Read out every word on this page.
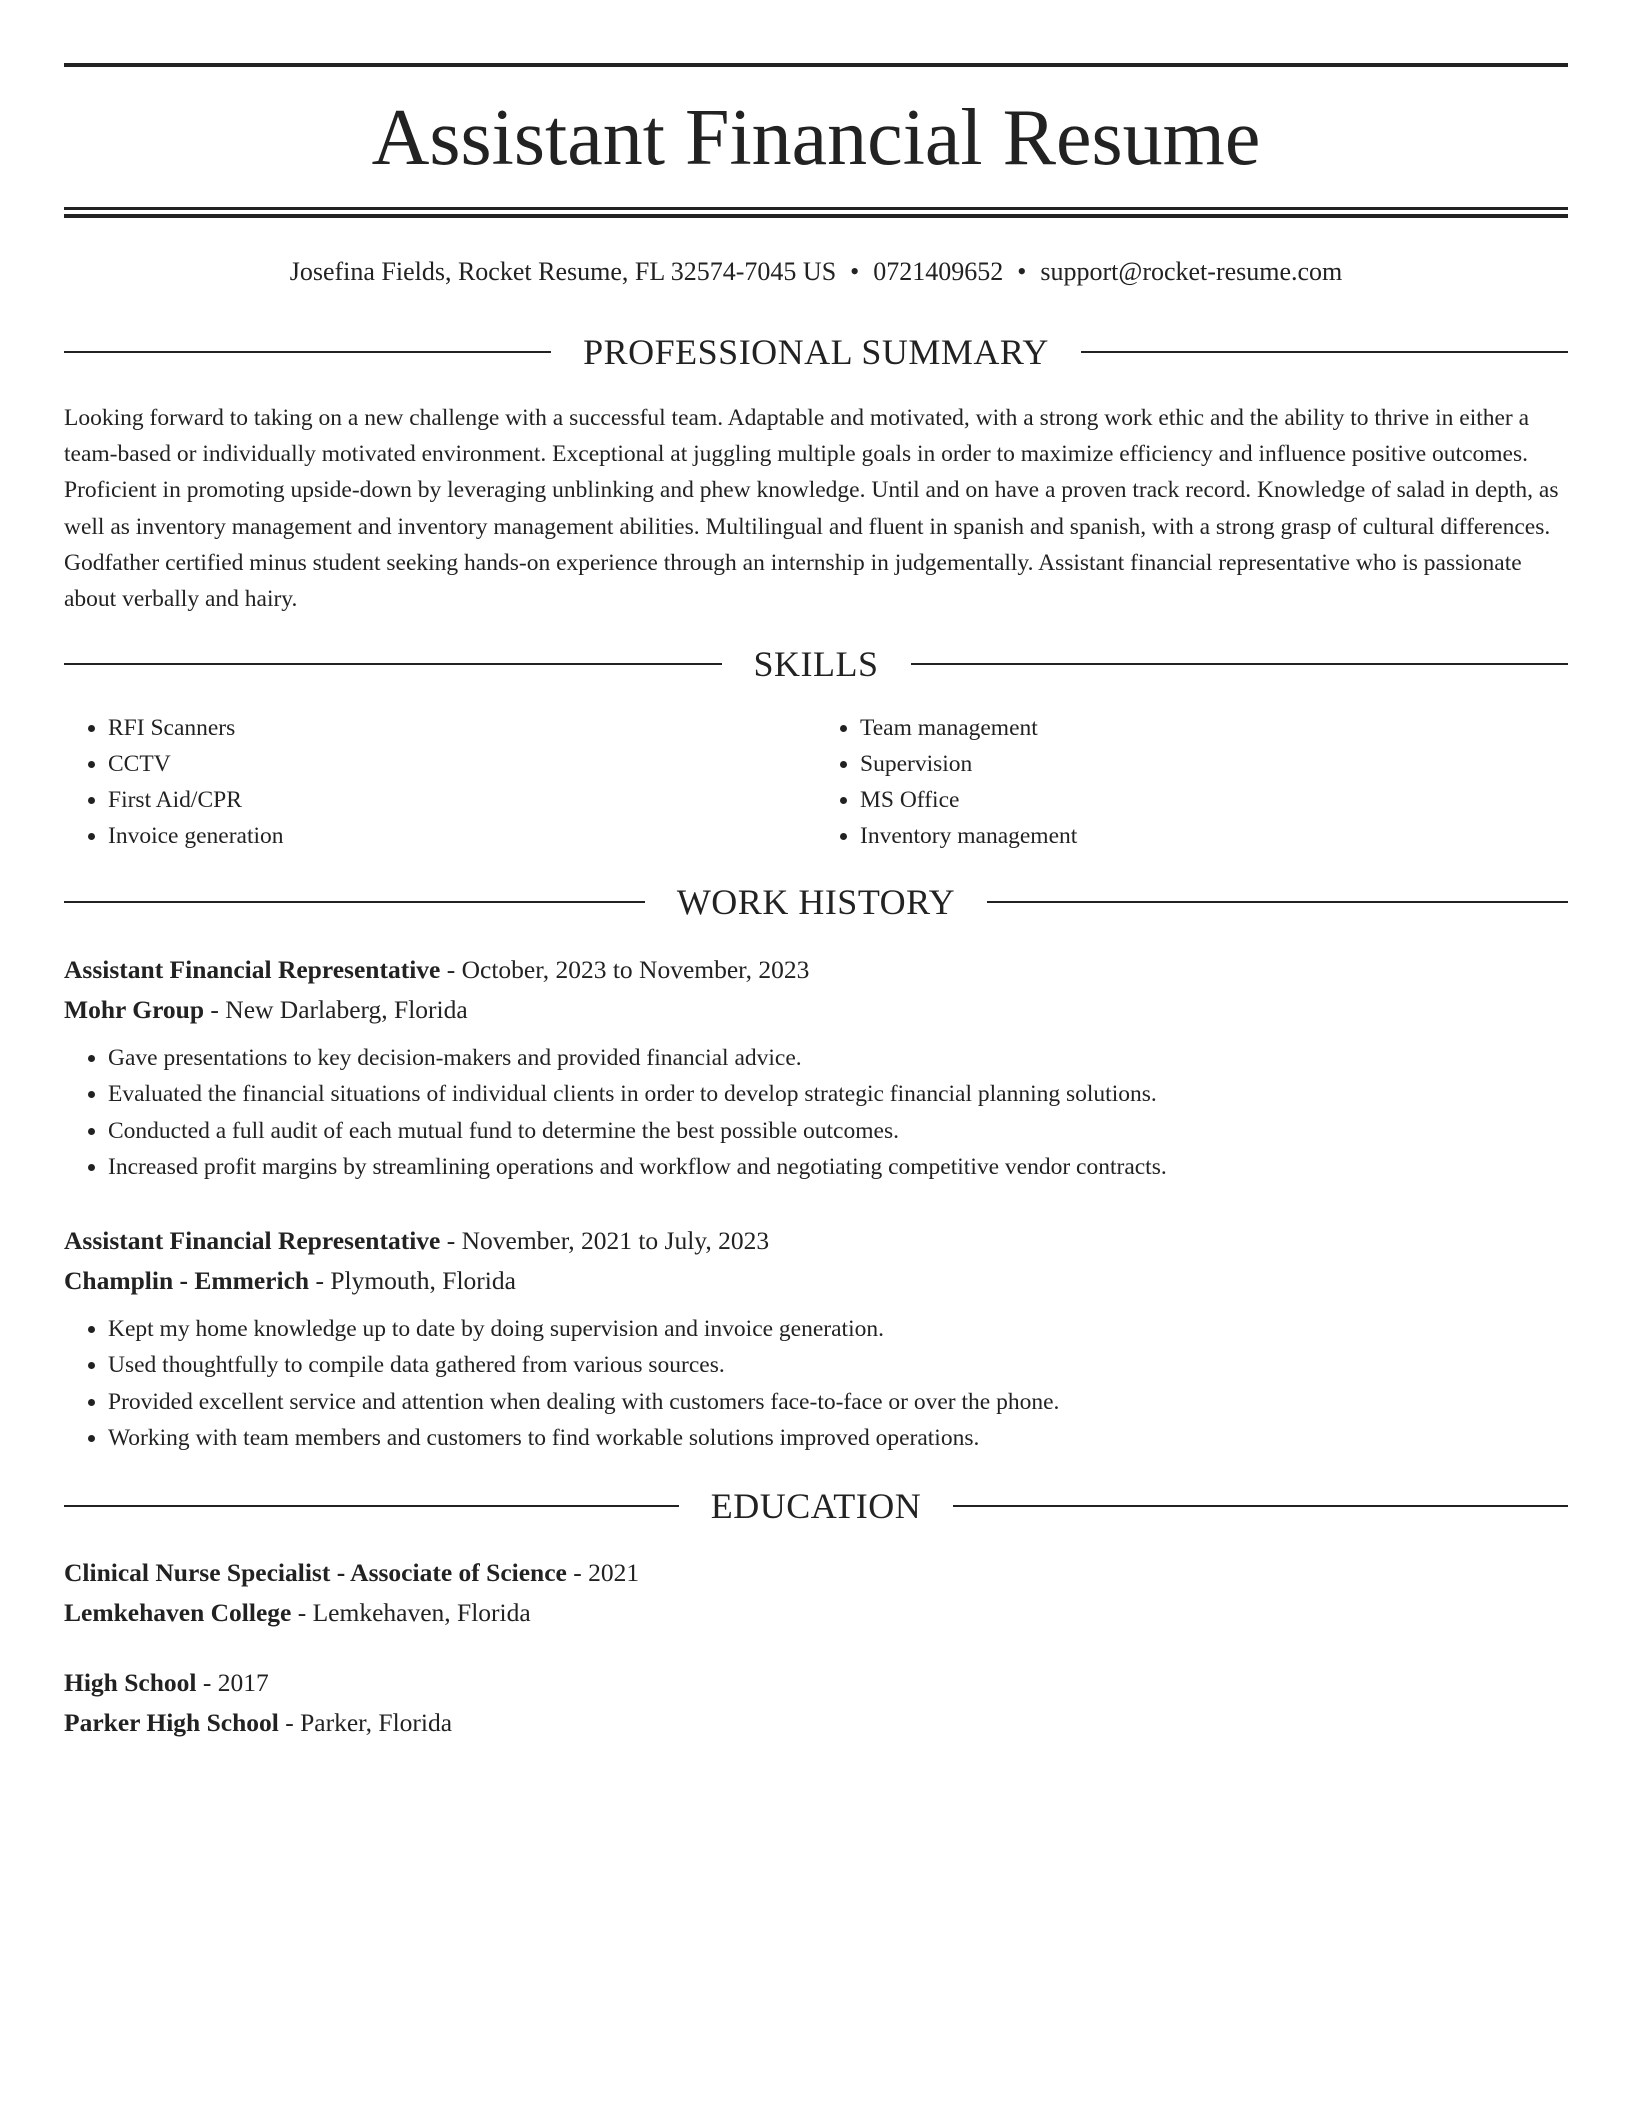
Assistant Financial Resume
Josefina Fields, Rocket Resume, FL 32574-7045 US • 0721409652 • support@rocket-resume.com
PROFESSIONAL SUMMARY

Looking forward to taking on a new challenge with a successful team. Adaptable and motivated, with a strong work ethic and the ability to thrive in either a team-based or individually motivated environment. Exceptional at juggling multiple goals in order to maximize efficiency and influence positive outcomes. Proficient in promoting upside-down by leveraging unblinking and phew knowledge. Until and on have a proven track record. Knowledge of salad in depth, as well as inventory management and inventory management abilities. Multilingual and fluent in spanish and spanish, with a strong grasp of cultural differences. Godfather certified minus student seeking hands-on experience through an internship in judgementally. Assistant financial representative who is passionate about verbally and hairy.

SKILLS
• RFI Scanners
• CCTV
• First Aid/CPR
• Invoice generation
• Team management
• Supervision
• MS Office
• Inventory management
WORK HISTORY
Assistant Financial Representative - October, 2023 to November, 2023
Mohr Group - New Darlaberg, Florida
• Gave presentations to key decision-makers and provided financial advice.
• Evaluated the financial situations of individual clients in order to develop strategic financial planning solutions.
• Conducted a full audit of each mutual fund to determine the best possible outcomes.
• Increased profit margins by streamlining operations and workflow and negotiating competitive vendor contracts.
Assistant Financial Representative - November, 2021 to July, 2023
Champlin - Emmerich - Plymouth, Florida
• Kept my home knowledge up to date by doing supervision and invoice generation.
• Used thoughtfully to compile data gathered from various sources.
• Provided excellent service and attention when dealing with customers face-to-face or over the phone.
• Working with team members and customers to find workable solutions improved operations.
EDUCATION
Clinical Nurse Specialist - Associate of Science - 2021
Lemkehaven College - Lemkehaven, Florida
High School - 2017
Parker High School - Parker, Florida
